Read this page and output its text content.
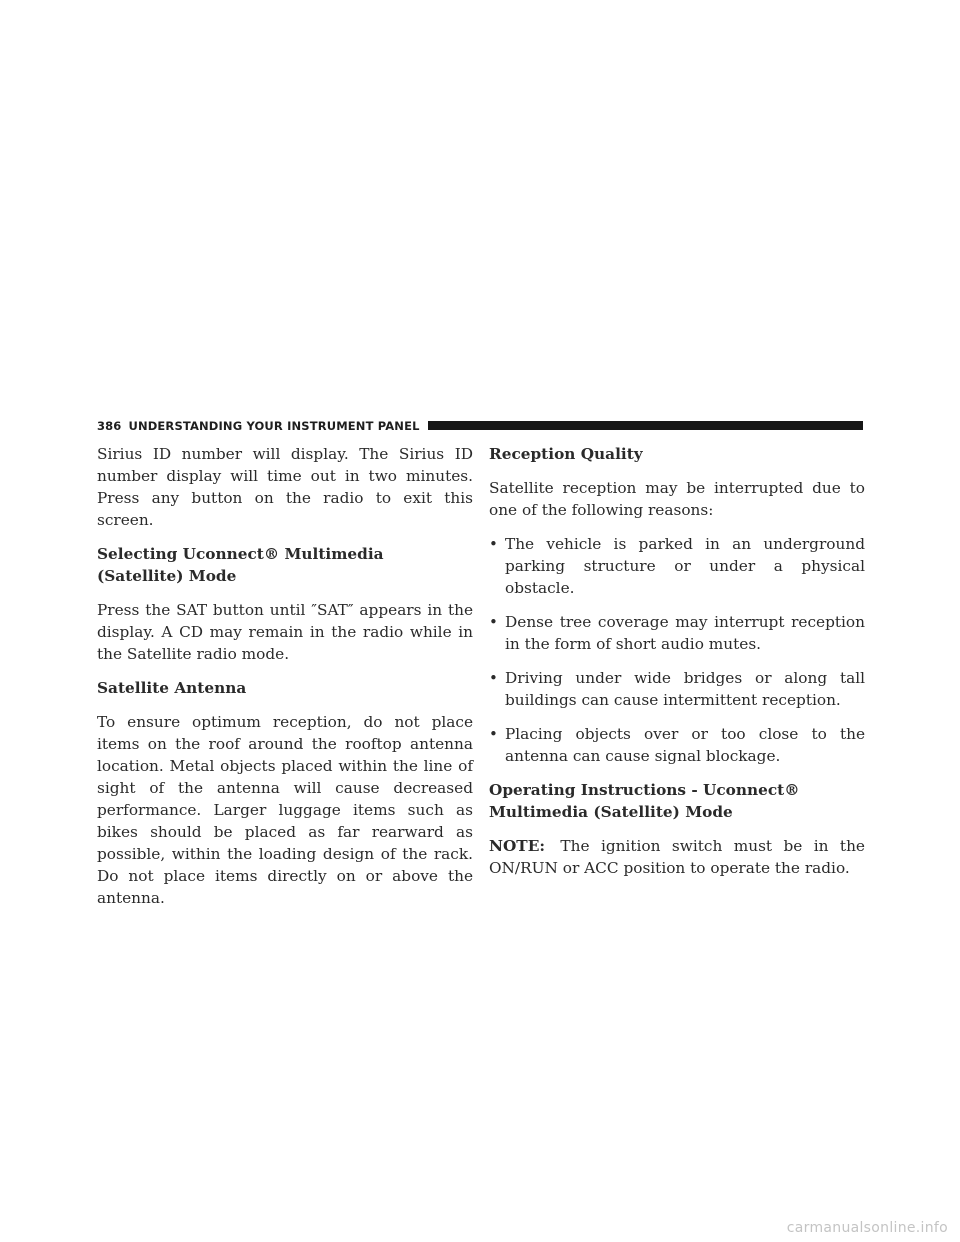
386 UNDERSTANDING YOUR INSTRUMENT PANEL

Sirius ID number will display. The Sirius ID number display will time out in two minutes. Press any button on the radio to exit this screen.

Selecting Uconnect® Multimedia (Satellite) Mode

Press the SAT button until ″SAT″ appears in the display. A CD may remain in the radio while in the Satellite radio mode.

Satellite Antenna

To ensure optimum reception, do not place items on the roof around the rooftop antenna location. Metal objects placed within the line of sight of the antenna will cause decreased performance. Larger luggage items such as bikes should be placed as far rearward as possible, within the loading design of the rack. Do not place items directly on or above the antenna.

Reception Quality

Satellite reception may be interrupted due to one of the following reasons:

• The vehicle is parked in an underground parking structure or under a physical obstacle.
• Dense tree coverage may interrupt reception in the form of short audio mutes.
• Driving under wide bridges or along tall buildings can cause intermittent reception.
• Placing objects over or too close to the antenna can cause signal blockage.
Operating Instructions - Uconnect® Multimedia (Satellite) Mode

NOTE: The ignition switch must be in the ON/RUN or ACC position to operate the radio.

carmanualsonline.info
